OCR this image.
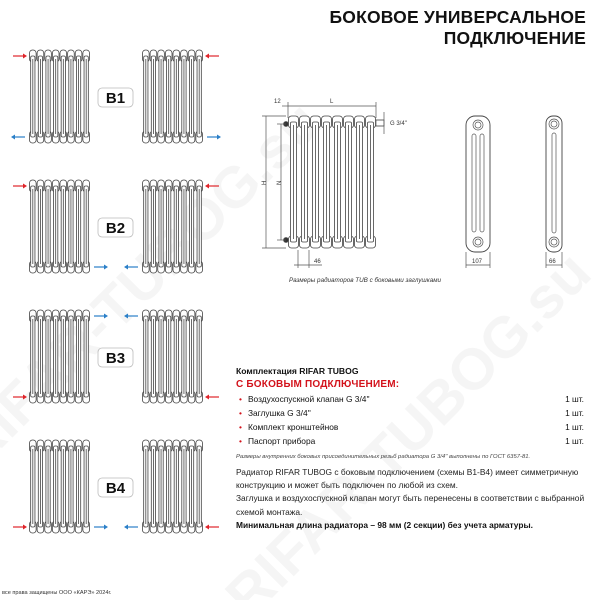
БОКОВОЕ УНИВЕРСАЛЬНОЕ
ПОДКЛЮЧЕНИЕ
B1
B2
B3
B4
12	L
G 3/4''
H N
46	107	66
Размеры радиаторов TUB с боковыми заглушками
Комплектация RIFAR TUBOG
С БОКОВЫМ ПОДКЛЮЧЕНИЕМ:
• Воздухоспускной клапан G 3/4''	1 шт.
• Заглушка G 3/4''	1 шт.
• Комплект кронштейнов	1 шт.
• Паспорт прибора	1 шт.
Размеры внутренних боковых присоединительных резьб радиатора G 3/4'' выполнены по ГОСТ 6357-81.
Радиатор RIFAR TUBOG с боковым подключением (схемы B1-B4) имеет симметричную конструкцию и может быть подключен по любой из схем.
Заглушка и воздухоспускной клапан могут быть перенесены в соответствии с выбранной схемой монтажа.
Минимальная длина радиатора – 98 мм (2 секции) без учета арматуры.
все права защищены ООО «КАРЭ» 2024г.
